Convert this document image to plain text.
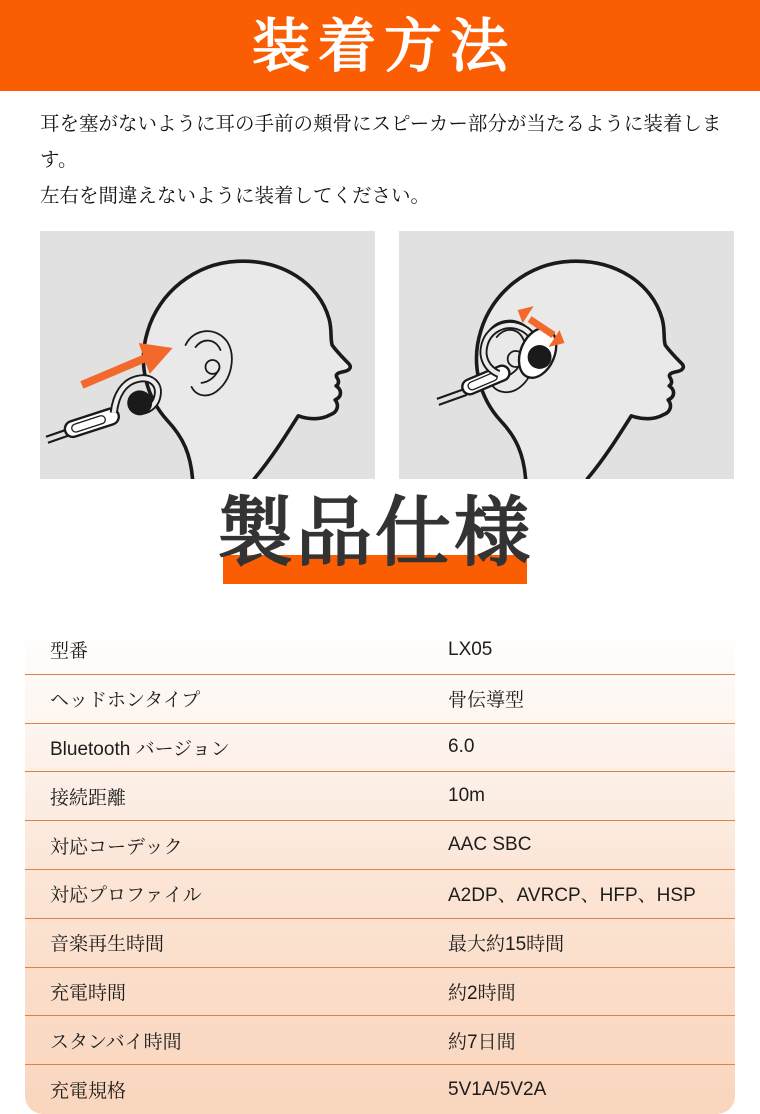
装着方法
耳を塞がないように耳の手前の頬骨にスピーカー部分が当たるように装着します。
左右を間違えないように装着してください。
製品仕様
型番	LX05
ヘッドホンタイプ	骨伝導型
Bluetooth バージョン	6.0
接続距離	10m
対応コーデック	AAC SBC
対応プロファイル	A2DP、AVRCP、HFP、HSP
音楽再生時間	最大約15時間
充電時間	約2時間
スタンバイ時間	約7日間
充電規格	5V1A/5V2A
